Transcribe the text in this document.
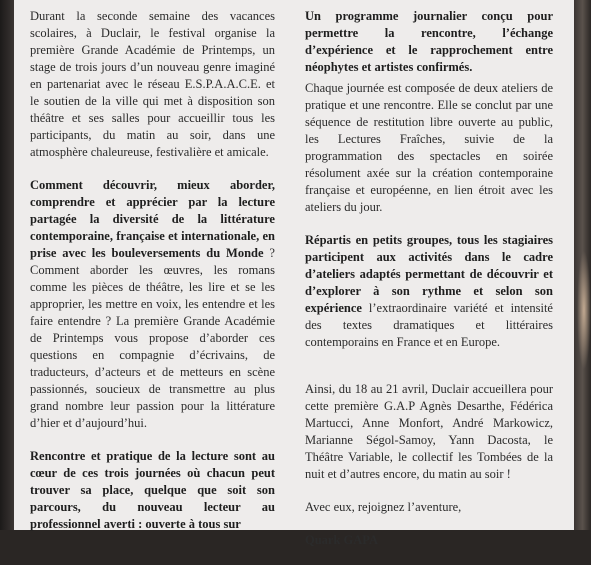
Durant la seconde semaine des vacances scolaires, à Duclair, le festival organise la première Grande Académie de Printemps, un stage de trois jours d’un nouveau genre imaginé en partenariat avec le réseau E.S.P.A.A.C.E. et le soutien de la ville qui met à disposition son théâtre et ses salles pour accueillir tous les participants, du matin au soir, dans une atmosphère chaleureuse, festivalière et amicale.

Comment découvrir, mieux aborder, comprendre et apprécier par la lecture partagée la diversité de la littérature contemporaine, française et internationale, en prise avec les bouleversements du Monde ? Comment aborder les œuvres, les romans comme les pièces de théâtre, les lire et se les approprier, les mettre en voix, les entendre et les faire entendre ? La première Grande Académie de Printemps vous propose d’aborder ces questions en compagnie d’écrivains, de traducteurs, d’acteurs et de metteurs en scène passionnés, soucieux de transmettre au plus grand nombre leur passion pour la littérature d’hier et d’aujourd’hui.

Rencontre et pratique de la lecture sont au cœur de ces trois journées où chacun peut trouver sa place, quelque que soit son parcours, du nouveau lecteur au professionnel averti : ouverte à tous sur

Un programme journalier conçu pour permettre la rencontre, l’échange d’expérience et le rapprochement entre néophytes et artistes confirmés.

Chaque journée est composée de deux ateliers de pratique et une rencontre. Elle se conclut par une séquence de restitution libre ouverte au public, les Lectures Fraîches, suivie de la programmation des spectacles en soirée résolument axée sur la création contemporaine française et européenne, en lien étroit avec les ateliers du jour.

Répartis en petits groupes, tous les stagiaires participent aux activités dans le cadre d’ateliers adaptés permettant de découvrir et d’explorer à son rythme et selon son expérience l’extraordinaire variété et intensité des textes dramatiques et littéraires contemporains en France et en Europe.

Ainsi, du 18 au 21 avril, Duclair accueillera pour cette première G.A.P Agnès Desarthe, Fédérica Martucci, Anne Monfort, André Markowicz, Marianne Ségol-Samoy, Yann Dacosta, le Théâtre Variable, le collectif les Tombées de la nuit et d’autres encore, du matin au soir !

Avec eux, rejoignez l’aventure,

Quark GAPA
